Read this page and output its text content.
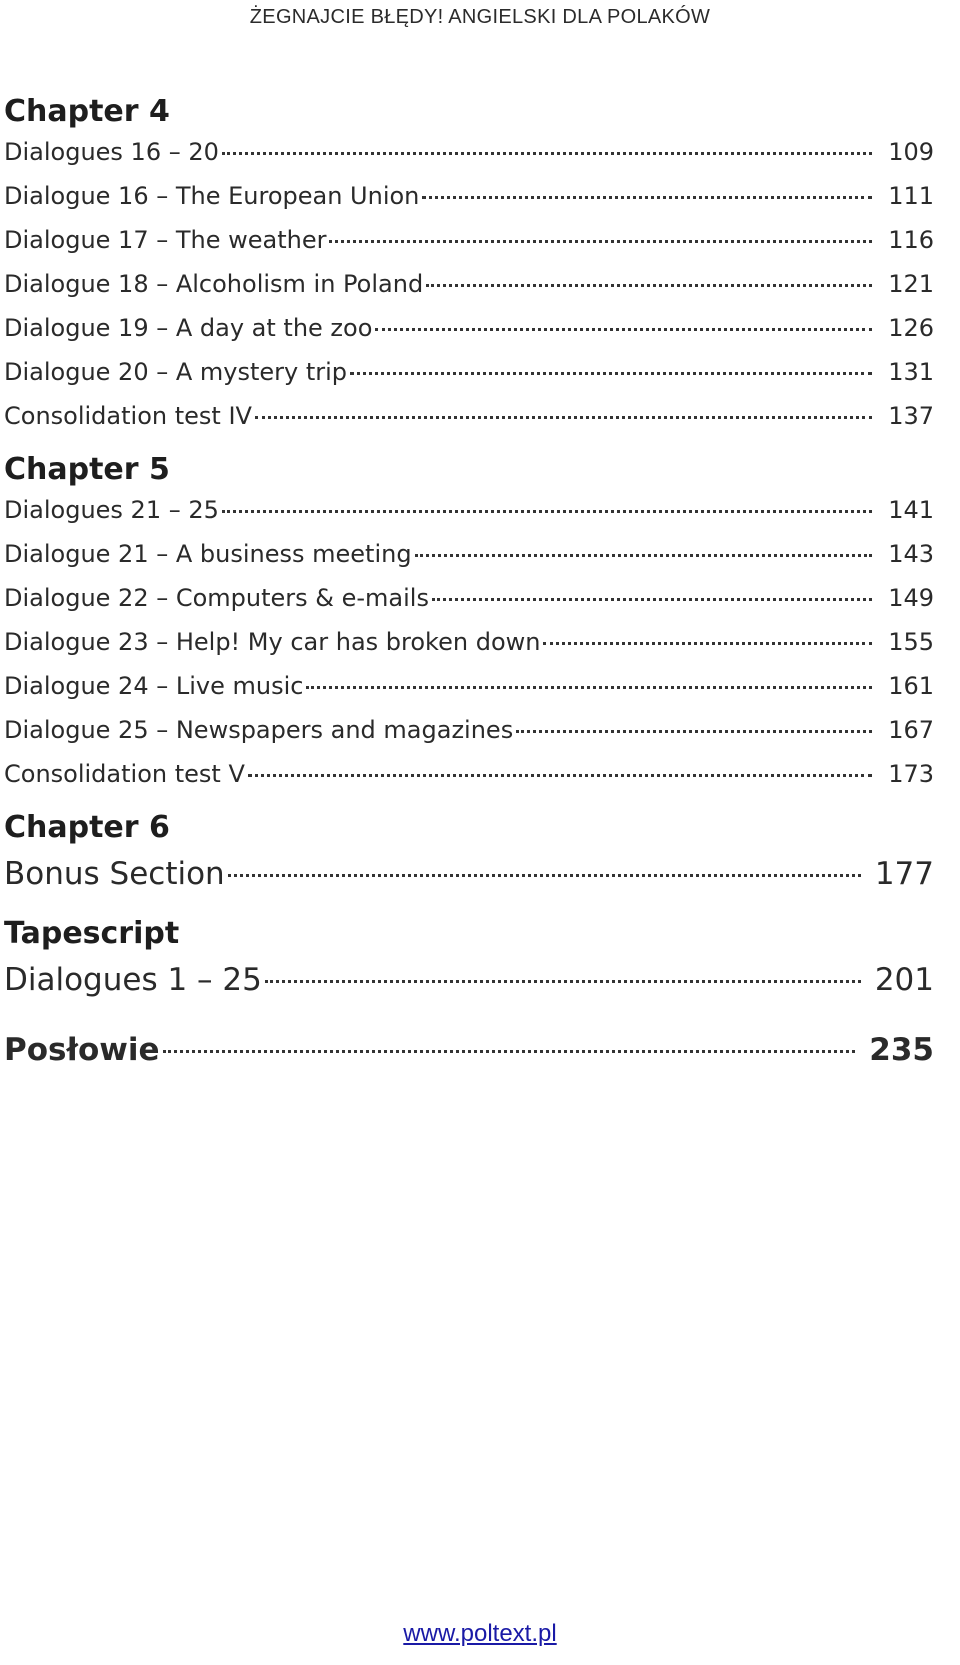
ŻEGNAJCIE BŁĘDY! ANGIELSKI DLA POLAKÓW
Chapter 4
Dialogues 16 – 20	109
Dialogue 16 – The European Union	111
Dialogue 17 – The weather	116
Dialogue 18 – Alcoholism in Poland	121
Dialogue 19 – A day at the zoo	126
Dialogue 20 – A mystery trip	131
Consolidation test IV	137
Chapter 5
Dialogues 21 – 25	141
Dialogue 21 – A business meeting	143
Dialogue 22 – Computers & e-mails	149
Dialogue 23 – Help! My car has broken down	155
Dialogue 24 – Live music	161
Dialogue 25 – Newspapers and magazines	167
Consolidation test V	173
Chapter 6
Bonus Section	177
Tapescript
Dialogues 1 – 25	201
Posłowie	235
www.poltext.pl
